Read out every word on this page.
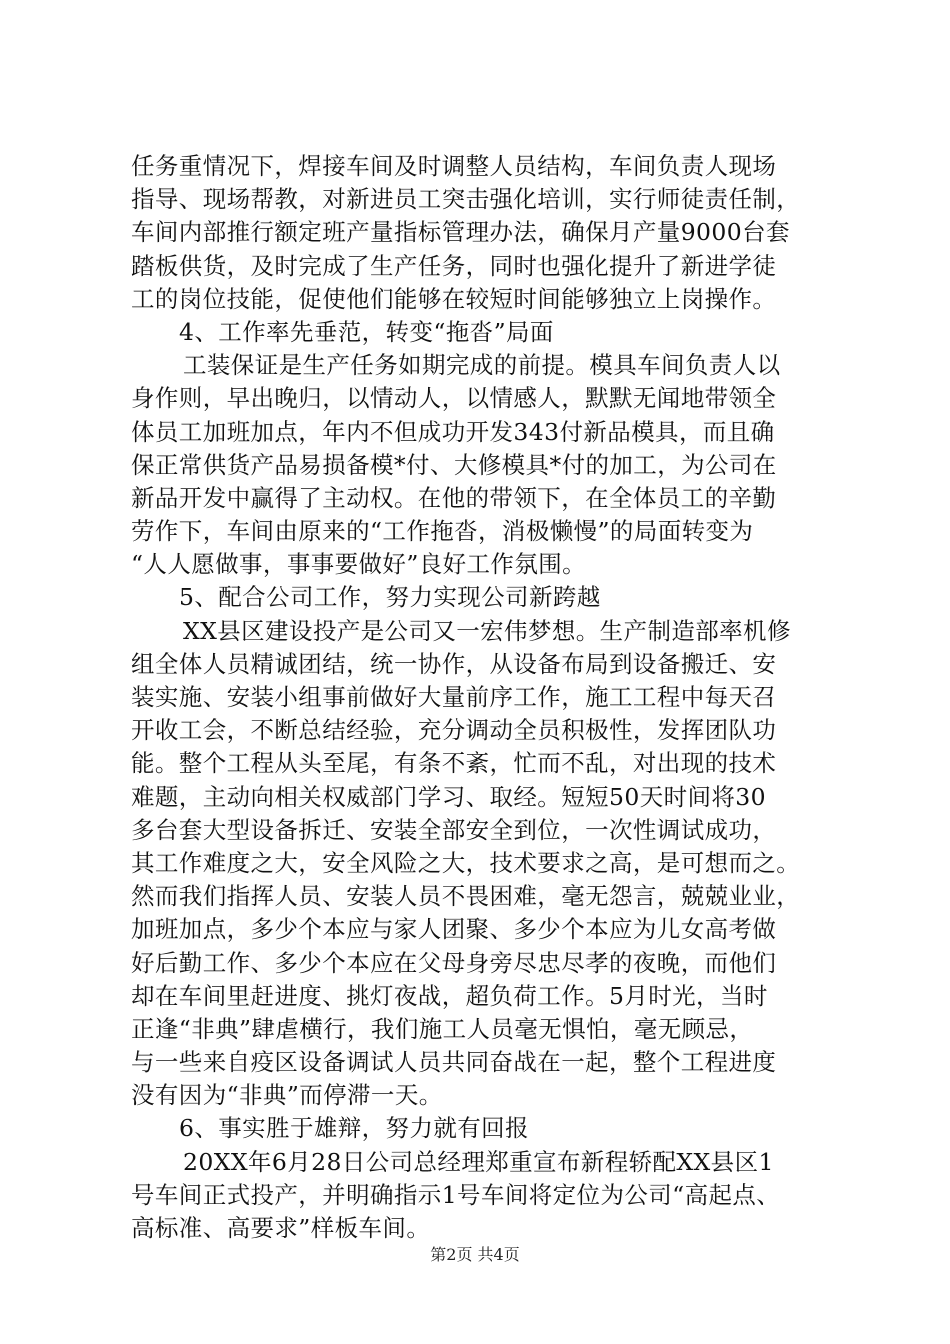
任务重情况下，焊接车间及时调整人员结构，车间负责人现场
指导、现场帮教，对新进员工突击强化培训，实行师徒责任制，
车间内部推行额定班产量指标管理办法，确保月产量9000台套
踏板供货，及时完成了生产任务，同时也强化提升了新进学徒
工的岗位技能，促使他们能够在较短时间能够独立上岗操作。
4、工作率先垂范，转变“拖沓”局面
工装保证是生产任务如期完成的前提。模具车间负责人以
身作则，早出晚归，以情动人，以情感人，默默无闻地带领全
体员工加班加点，年内不但成功开发343付新品模具，而且确
保正常供货产品易损备模*付、大修模具*付的加工，为公司在
新品开发中赢得了主动权。在他的带领下，在全体员工的辛勤
劳作下，车间由原来的“工作拖沓，消极懒慢”的局面转变为
“人人愿做事，事事要做好”良好工作氛围。
5、配合公司工作，努力实现公司新跨越
XX县区建设投产是公司又一宏伟梦想。生产制造部率机修
组全体人员精诚团结，统一协作，从设备布局到设备搬迁、安
装实施、安装小组事前做好大量前序工作，施工工程中每天召
开收工会，不断总结经验，充分调动全员积极性，发挥团队功
能。整个工程从头至尾，有条不紊，忙而不乱，对出现的技术
难题，主动向相关权威部门学习、取经。短短50天时间将30
多台套大型设备拆迁、安装全部安全到位，一次性调试成功，
其工作难度之大，安全风险之大，技术要求之高，是可想而之。
然而我们指挥人员、安装人员不畏困难，毫无怨言，兢兢业业，
加班加点，多少个本应与家人团聚、多少个本应为儿女高考做
好后勤工作、多少个本应在父母身旁尽忠尽孝的夜晚，而他们
却在车间里赶进度、挑灯夜战，超负荷工作。5月时光，当时
正逢“非典”肆虐横行，我们施工人员毫无惧怕，毫无顾忌，
与一些来自疫区设备调试人员共同奋战在一起，整个工程进度
没有因为“非典”而停滞一天。
6、事实胜于雄辩，努力就有回报
20XX年6月28日公司总经理郑重宣布新程轿配XX县区1
号车间正式投产，并明确指示1号车间将定位为公司“高起点、
高标准、高要求”样板车间。
第2页 共4页
